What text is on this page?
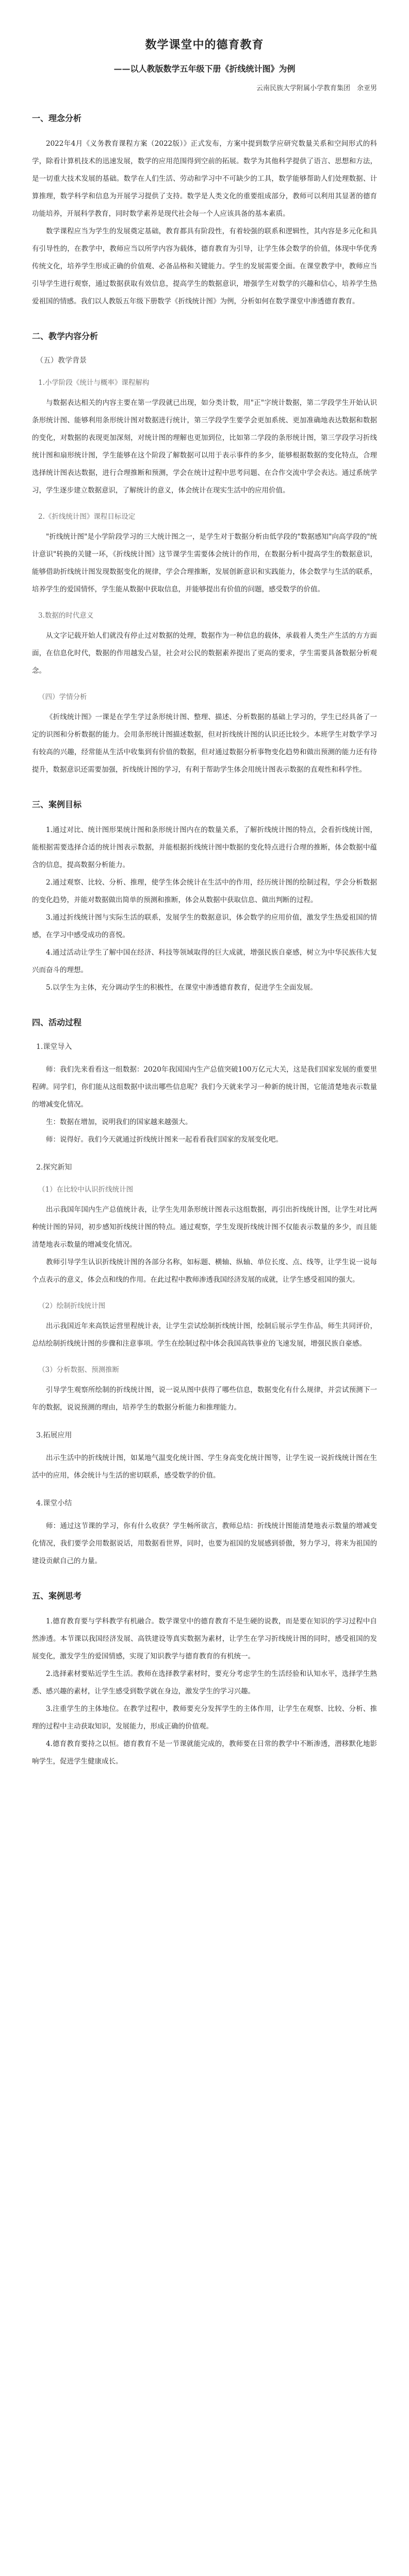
数学课堂中的德育教育
——以人教版数学五年级下册《折线统计图》为例
云南民族大学附属小学教育集团　余亚男
一、理念分析

2022年4月《义务教育课程方案（2022版）》正式发布，方案中提到数学应研究数量关系和空间形式的科学，除看计算机技术的迅速发展，数学的应用范围得到空前的拓展。数学为其他科学提供了语言、思想和方法，是一切重大技术发展的基础。数学在人们生活、劳动和学习中不可缺少的工具，数学能够帮助人们处理数据、计算推理，数学科学和信息为开展学习提供了支持。数学是人类文化的重要组成部分，教师可以利用其显著的德育功能培养，开展科学教育，同时数学素养是现代社会每一个人应该具备的基本素质。

数学课程应当为学生的发展奠定基础，教育都具有阶段性，有着较强的联系和逻辑性，其内容是多元化和具有引导性的，在教学中，教师应当以所学内容为载体，德育教育为引导，让学生体会数学的价值，体现中华优秀传统文化，培养学生形成正确的价值观、必备品格和关键能力。学生的发展需要全面。在课堂教学中，教师应当引导学生进行观察，通过数据获取有效信息，提高学生的数据意识，增强学生对数学的兴趣和信心，培养学生热爱祖国的情感。我们以人教版五年级下册数学《折线统计图》为例，分析如何在数学课堂中渗透德育教育。

二、教学内容分析
（五）教学背景
1.小学阶段《统计与概率》课程解构

与数据表达相关的内容主要在第一学段就已出现，如分类计数，用"正"字统计数据，第二学段学生开始认识条形统计图、能够利用条形统计图对数据进行统计，第三学段学生要学会更加系统、更加准确地表达数据和数据的变化，对数据的表现更加深刻，对统计图的理解也更加到位，比如第二学段的条形统计图，第三学段学习折线统计图和扇形统计图，学生能够在这个阶段了解数据可以用于表示事件的多少，能够根据数据的变化特点，合理选择统计图表达数据，进行合理推断和预测，学会在统计过程中思考问题、在合作交流中学会表达。通过系统学习，学生逐步建立数据意识，了解统计的意义，体会统计在现实生活中的应用价值。

2.《折线统计图》课程目标设定

"折线统计图"是小学阶段学习的三大统计图之一，是学生对于数据分析由低学段的"数据感知"向高学段的"统计意识"转换的关键一环，《折线统计图》这节课学生需要体会统计的作用，在数据分析中提高学生的数据意识，能够借助折线统计图发现数据变化的规律，学会合理推断，发展创新意识和实践能力，体会数学与生活的联系，培养学生的爱国情怀，学生能从数据中获取信息，并能够提出有价值的问题，感受数学的价值。

3.数据的时代意义

从文字记载开始人们就没有停止过对数据的处理，数据作为一种信息的载体，承载着人类生产生活的方方面面，在信息化时代，数据的作用越发凸显，社会对公民的数据素养提出了更高的要求，学生需要具备数据分析观念。

（四）学情分析

《折线统计图》一课是在学生学过条形统计图、整理、描述、分析数据的基础上学习的，学生已经具备了一定的识图和分析数据的能力。会用条形统计图描述数据，但对折线统计图的认识还比较少。本班学生对数学学习有较高的兴趣，经常能从生活中收集到有价值的数据，但对通过数据分析事物变化趋势和做出预测的能力还有待提升，数据意识还需要加强，折线统计图的学习，有利于帮助学生体会用统计图表示数据的直观性和科学性。

三、案例目标

1.通过对比、统计图形果统计图和条形统计图内在的数量关系，了解折线统计图的特点，会看折线统计图，能根据需要选择合适的统计图表示数据，并能根据折线统计图中数据的变化特点进行合理的推断，体会数据中蕴含的信息，提高数据分析能力。

2.通过观察、比较、分析、推理，使学生体会统计在生活中的作用，经历统计图的绘制过程，学会分析数据的变化趋势，并能对数据做出简单的预测和推断，体会从数据中获取信息、做出判断的过程。

3.通过折线统计图与实际生活的联系，发展学生的数据意识，体会数学的应用价值，激发学生热爱祖国的情感，在学习中感受成功的喜悦。

4.通过活动让学生了解中国在经济、科技等领域取得的巨大成就，增强民族自豪感，树立为中华民族伟大复兴而奋斗的理想。

5.以学生为主体，充分调动学生的积极性，在课堂中渗透德育教育，促进学生全面发展。

四、活动过程
1.课堂导入

师：我们先来看看这一组数据：2020年我国国内生产总值突破100万亿元大关，这是我们国家发展的重要里程碑。同学们，你们能从这组数据中读出哪些信息呢？我们今天就来学习一种新的统计图，它能清楚地表示数量的增减变化情况。

生：数据在增加，说明我们的国家越来越强大。

师：说得好。我们今天就通过折线统计图来一起看看我们国家的发展变化吧。

2.探究新知
（1）在比较中认识折线统计图

出示我国年国内生产总值统计表，让学生先用条形统计图表示这组数据，再引出折线统计图，让学生对比两种统计图的异同，初步感知折线统计图的特点。通过观察，学生发现折线统计图不仅能表示数量的多少，而且能清楚地表示数量的增减变化情况。

教师引导学生认识折线统计图的各部分名称，如标题、横轴、纵轴、单位长度、点、线等，让学生说一说每个点表示的意义，体会点和线的作用。在此过程中教师渗透我国经济发展的成就，让学生感受祖国的强大。

（2）绘制折线统计图

出示我国近年来高铁运营里程统计表，让学生尝试绘制折线统计图，绘制后展示学生作品，师生共同评价，总结绘制折线统计图的步骤和注意事项。学生在绘制过程中体会我国高铁事业的飞速发展，增强民族自豪感。

（3）分析数据、预测推断

引导学生观察所绘制的折线统计图，说一说从图中获得了哪些信息，数据变化有什么规律，并尝试预测下一年的数据，说说预测的理由，培养学生的数据分析能力和推理能力。

3.拓展应用

出示生活中的折线统计图，如某地气温变化统计图、学生身高变化统计图等，让学生说一说折线统计图在生活中的应用，体会统计与生活的密切联系，感受数学的价值。

4.课堂小结

师：通过这节课的学习，你有什么收获？学生畅所欲言，教师总结：折线统计图能清楚地表示数量的增减变化情况，我们要学会用数据说话，用数据看世界，同时，也要为祖国的发展感到骄傲，努力学习，将来为祖国的建设贡献自己的力量。

五、案例思考

1.德育教育要与学科教学有机融合。数学课堂中的德育教育不是生硬的说教，而是要在知识的学习过程中自然渗透。本节课以我国经济发展、高铁建设等真实数据为素材，让学生在学习折线统计图的同时，感受祖国的发展变化，激发学生的爱国情感，实现了知识教学与德育教育的有机统一。

2.选择素材要贴近学生生活。教师在选择教学素材时，要充分考虑学生的生活经验和认知水平，选择学生熟悉、感兴趣的素材，让学生感受到数学就在身边，激发学生的学习兴趣。

3.注重学生的主体地位。在教学过程中，教师要充分发挥学生的主体作用，让学生在观察、比较、分析、推理的过程中主动获取知识，发展能力，形成正确的价值观。

4.德育教育要持之以恒。德育教育不是一节课就能完成的，教师要在日常的教学中不断渗透，潜移默化地影响学生，促进学生健康成长。
